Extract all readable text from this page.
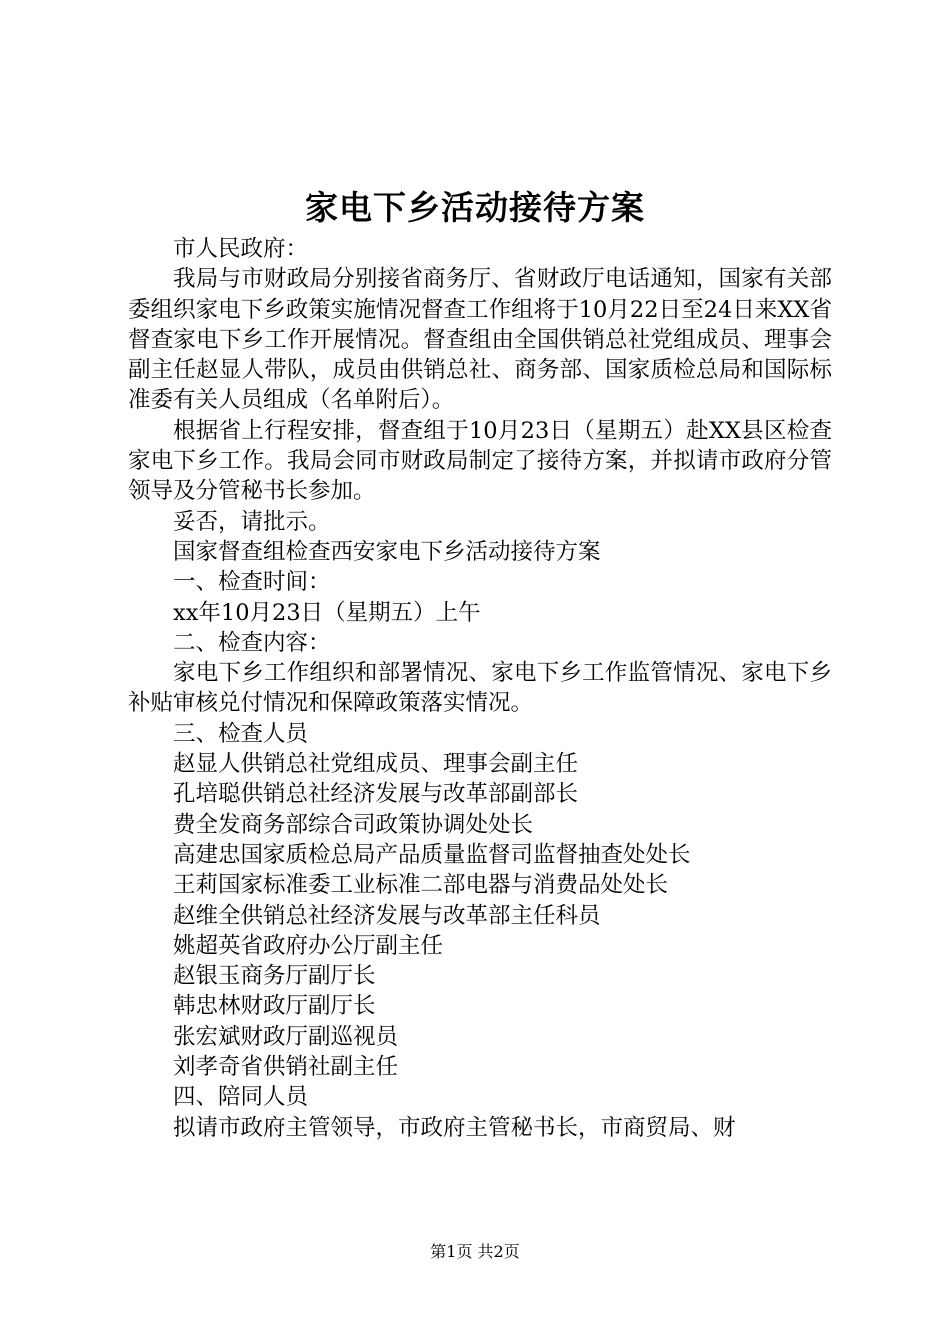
家电下乡活动接待方案

市人民政府：

我局与市财政局分别接省商务厅、省财政厅电话通知，国家有关部委组织家电下乡政策实施情况督查工作组将于10月22日至24日来XX省督查家电下乡工作开展情况。督查组由全国供销总社党组成员、理事会副主任赵显人带队，成员由供销总社、商务部、国家质检总局和国际标准委有关人员组成（名单附后）。

根据省上行程安排，督查组于10月23日（星期五）赴XX县区检查家电下乡工作。我局会同市财政局制定了接待方案，并拟请市政府分管领导及分管秘书长参加。

妥否，请批示。

国家督查组检查西安家电下乡活动接待方案

一、检查时间：

xx年10月23日（星期五）上午

二、检查内容：

家电下乡工作组织和部署情况、家电下乡工作监管情况、家电下乡补贴审核兑付情况和保障政策落实情况。

三、检查人员

赵显人供销总社党组成员、理事会副主任

孔培聪供销总社经济发展与改革部副部长

费全发商务部综合司政策协调处处长

高建忠国家质检总局产品质量监督司监督抽查处处长

王莉国家标准委工业标准二部电器与消费品处处长

赵维全供销总社经济发展与改革部主任科员

姚超英省政府办公厅副主任

赵银玉商务厅副厅长

韩忠林财政厅副厅长

张宏斌财政厅副巡视员

刘孝奇省供销社副主任

四、陪同人员

拟请市政府主管领导，市政府主管秘书长，市商贸局、财

第1页 共2页
